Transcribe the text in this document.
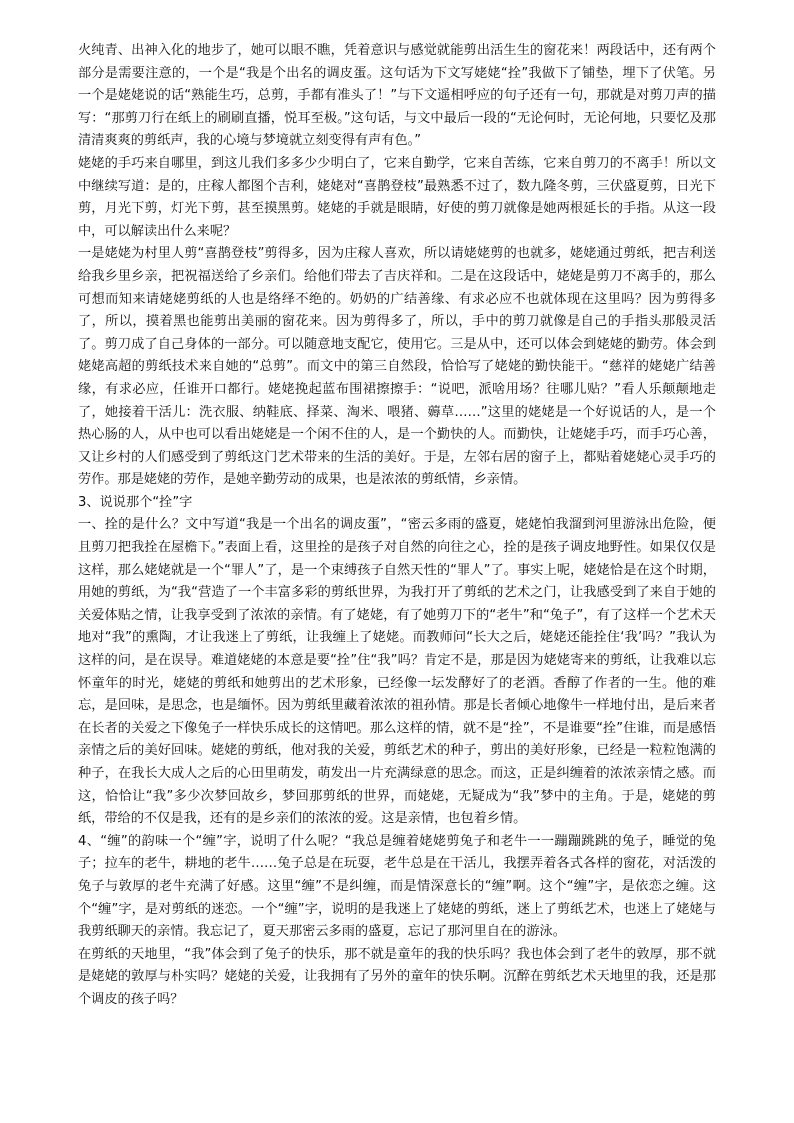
火纯青、出神入化的地步了，她可以眼不瞧，凭着意识与感觉就能剪出活生生的窗花来！两段话中，还有两个部分是需要注意的，一个是“我是个出名的调皮蛋。这句话为下文写姥姥“拴”我做下了铺垫，埋下了伏笔。另一个是姥姥说的话“熟能生巧，总剪，手都有准头了！”与下文遥相呼应的句子还有一句，那就是对剪刀声的描写：“那剪刀行在纸上的刷刷直播，悦耳至极。”这句话，与文中最后一段的“无论何时，无论何地，只要忆及那清清爽爽的剪纸声，我的心境与梦境就立刻变得有声有色。”

姥姥的手巧来自哪里，到这儿我们多多少少明白了，它来自勤学，它来自苦练，它来自剪刀的不离手！所以文中继续写道：是的，庄稼人都图个吉利，姥姥对“喜鹊登枝”最熟悉不过了，数九隆冬剪，三伏盛夏剪，日光下剪，月光下剪，灯光下剪，甚至摸黑剪。姥姥的手就是眼睛，好使的剪刀就像是她两根延长的手指。从这一段中，可以解读出什么来呢？

一是姥姥为村里人剪“喜鹊登枝”剪得多，因为庄稼人喜欢，所以请姥姥剪的也就多，姥姥通过剪纸，把吉利送给我乡里乡亲，把祝福送给了乡亲们。给他们带去了吉庆祥和。二是在这段话中，姥姥是剪刀不离手的，那么可想而知来请姥姥剪纸的人也是络绎不绝的。奶奶的广结善缘、有求必应不也就体现在这里吗？因为剪得多了，所以，摸着黑也能剪出美丽的窗花来。因为剪得多了，所以，手中的剪刀就像是自己的手指头那般灵活了。剪刀成了自己身体的一部分。可以随意地支配它，使用它。三是从中，还可以体会到姥姥的勤劳。体会到姥姥高超的剪纸技术来自她的“总剪”。而文中的第三自然段，恰恰写了姥姥的勤快能干。“慈祥的姥姥广结善缘，有求必应，任谁开口都行。姥姥挽起蓝布围裙擦擦手：“说吧，派啥用场？往哪儿贴？”看人乐颠颠地走了，她接着干活儿：洗衣服、纳鞋底、择菜、淘米、喂猪、薅草……”这里的姥姥是一个好说话的人，是一个热心肠的人，从中也可以看出姥姥是一个闲不住的人，是一个勤快的人。而勤快，让姥姥手巧，而手巧心善，又让乡村的人们感受到了剪纸这门艺术带来的生活的美好。于是，左邻右居的窗子上，都贴着姥姥心灵手巧的劳作。那是姥姥的劳作，是她辛勤劳动的成果，也是浓浓的剪纸情，乡亲情。

3、说说那个“拴”字

一、拴的是什么？文中写道“我是一个出名的调皮蛋”，“密云多雨的盛夏，姥姥怕我溜到河里游泳出危险，便且剪刀把我拴在屋檐下。”表面上看，这里拴的是孩子对自然的向往之心，拴的是孩子调皮地野性。如果仅仅是这样，那么姥姥就是一个“罪人”了，是一个束缚孩子自然天性的“罪人”了。事实上呢，姥姥恰是在这个时期，用她的剪纸，为“我“营造了一个丰富多彩的剪纸世界，为我打开了剪纸的艺术之门，让我感受到了来自于她的关爱体贴之情，让我享受到了浓浓的亲情。有了姥姥，有了她剪刀下的“老牛”和“兔子”，有了这样一个艺术天地对“我”的熏陶，才让我迷上了剪纸，让我缠上了姥姥。而教师问“长大之后，姥姥还能拴住‘我’吗？”我认为这样的问，是在误导。难道姥姥的本意是要“拴”住“我”吗？肯定不是，那是因为姥姥寄来的剪纸，让我难以忘怀童年的时光，姥姥的剪纸和她剪出的艺术形象，已经像一坛发酵好了的老酒。香醇了作者的一生。他的难忘，是回味，是思念，也是缅怀。因为剪纸里藏着浓浓的祖孙情。那是长者倾心地像牛一样地付出，是后来者在长者的关爱之下像兔子一样快乐成长的这情吧。那么这样的情，就不是“拴”，不是谁要“拴”住谁，而是感悟亲情之后的美好回味。姥姥的剪纸，他对我的关爱，剪纸艺术的种子，剪出的美好形象，已经是一粒粒饱满的种子，在我长大成人之后的心田里萌发，萌发出一片充满绿意的思念。而这，正是纠缠着的浓浓亲情之感。而这，恰恰让“我”多少次梦回故乡，梦回那剪纸的世界，而姥姥，无疑成为“我”梦中的主角。于是，姥姥的剪纸，带给的不仅是我，还有的是乡亲们的浓浓的爱。这是亲情，也包着乡情。

4、“缠”的韵味一个“缠”字，说明了什么呢？“我总是缠着姥姥剪兔子和老牛一一蹦蹦跳跳的兔子，睡觉的兔子；拉车的老牛，耕地的老牛……兔子总是在玩耍，老牛总是在干活儿，我摆弄着各式各样的窗花，对活泼的兔子与敦厚的老牛充满了好感。这里“缠”不是纠缠，而是情深意长的“缠”啊。这个“缠”字，是依恋之缠。这个“缠”字，是对剪纸的迷恋。一个“缠”字，说明的是我迷上了姥姥的剪纸，迷上了剪纸艺术，也迷上了姥姥与我剪纸聊天的亲情。我忘记了，夏天那密云多雨的盛夏，忘记了那河里自在的游泳。

在剪纸的天地里，“我”体会到了兔子的快乐，那不就是童年的我的快乐吗？我也体会到了老牛的敦厚，那不就是姥姥的敦厚与朴实吗？姥姥的关爱，让我拥有了另外的童年的快乐啊。沉醉在剪纸艺术天地里的我，还是那个调皮的孩子吗？
